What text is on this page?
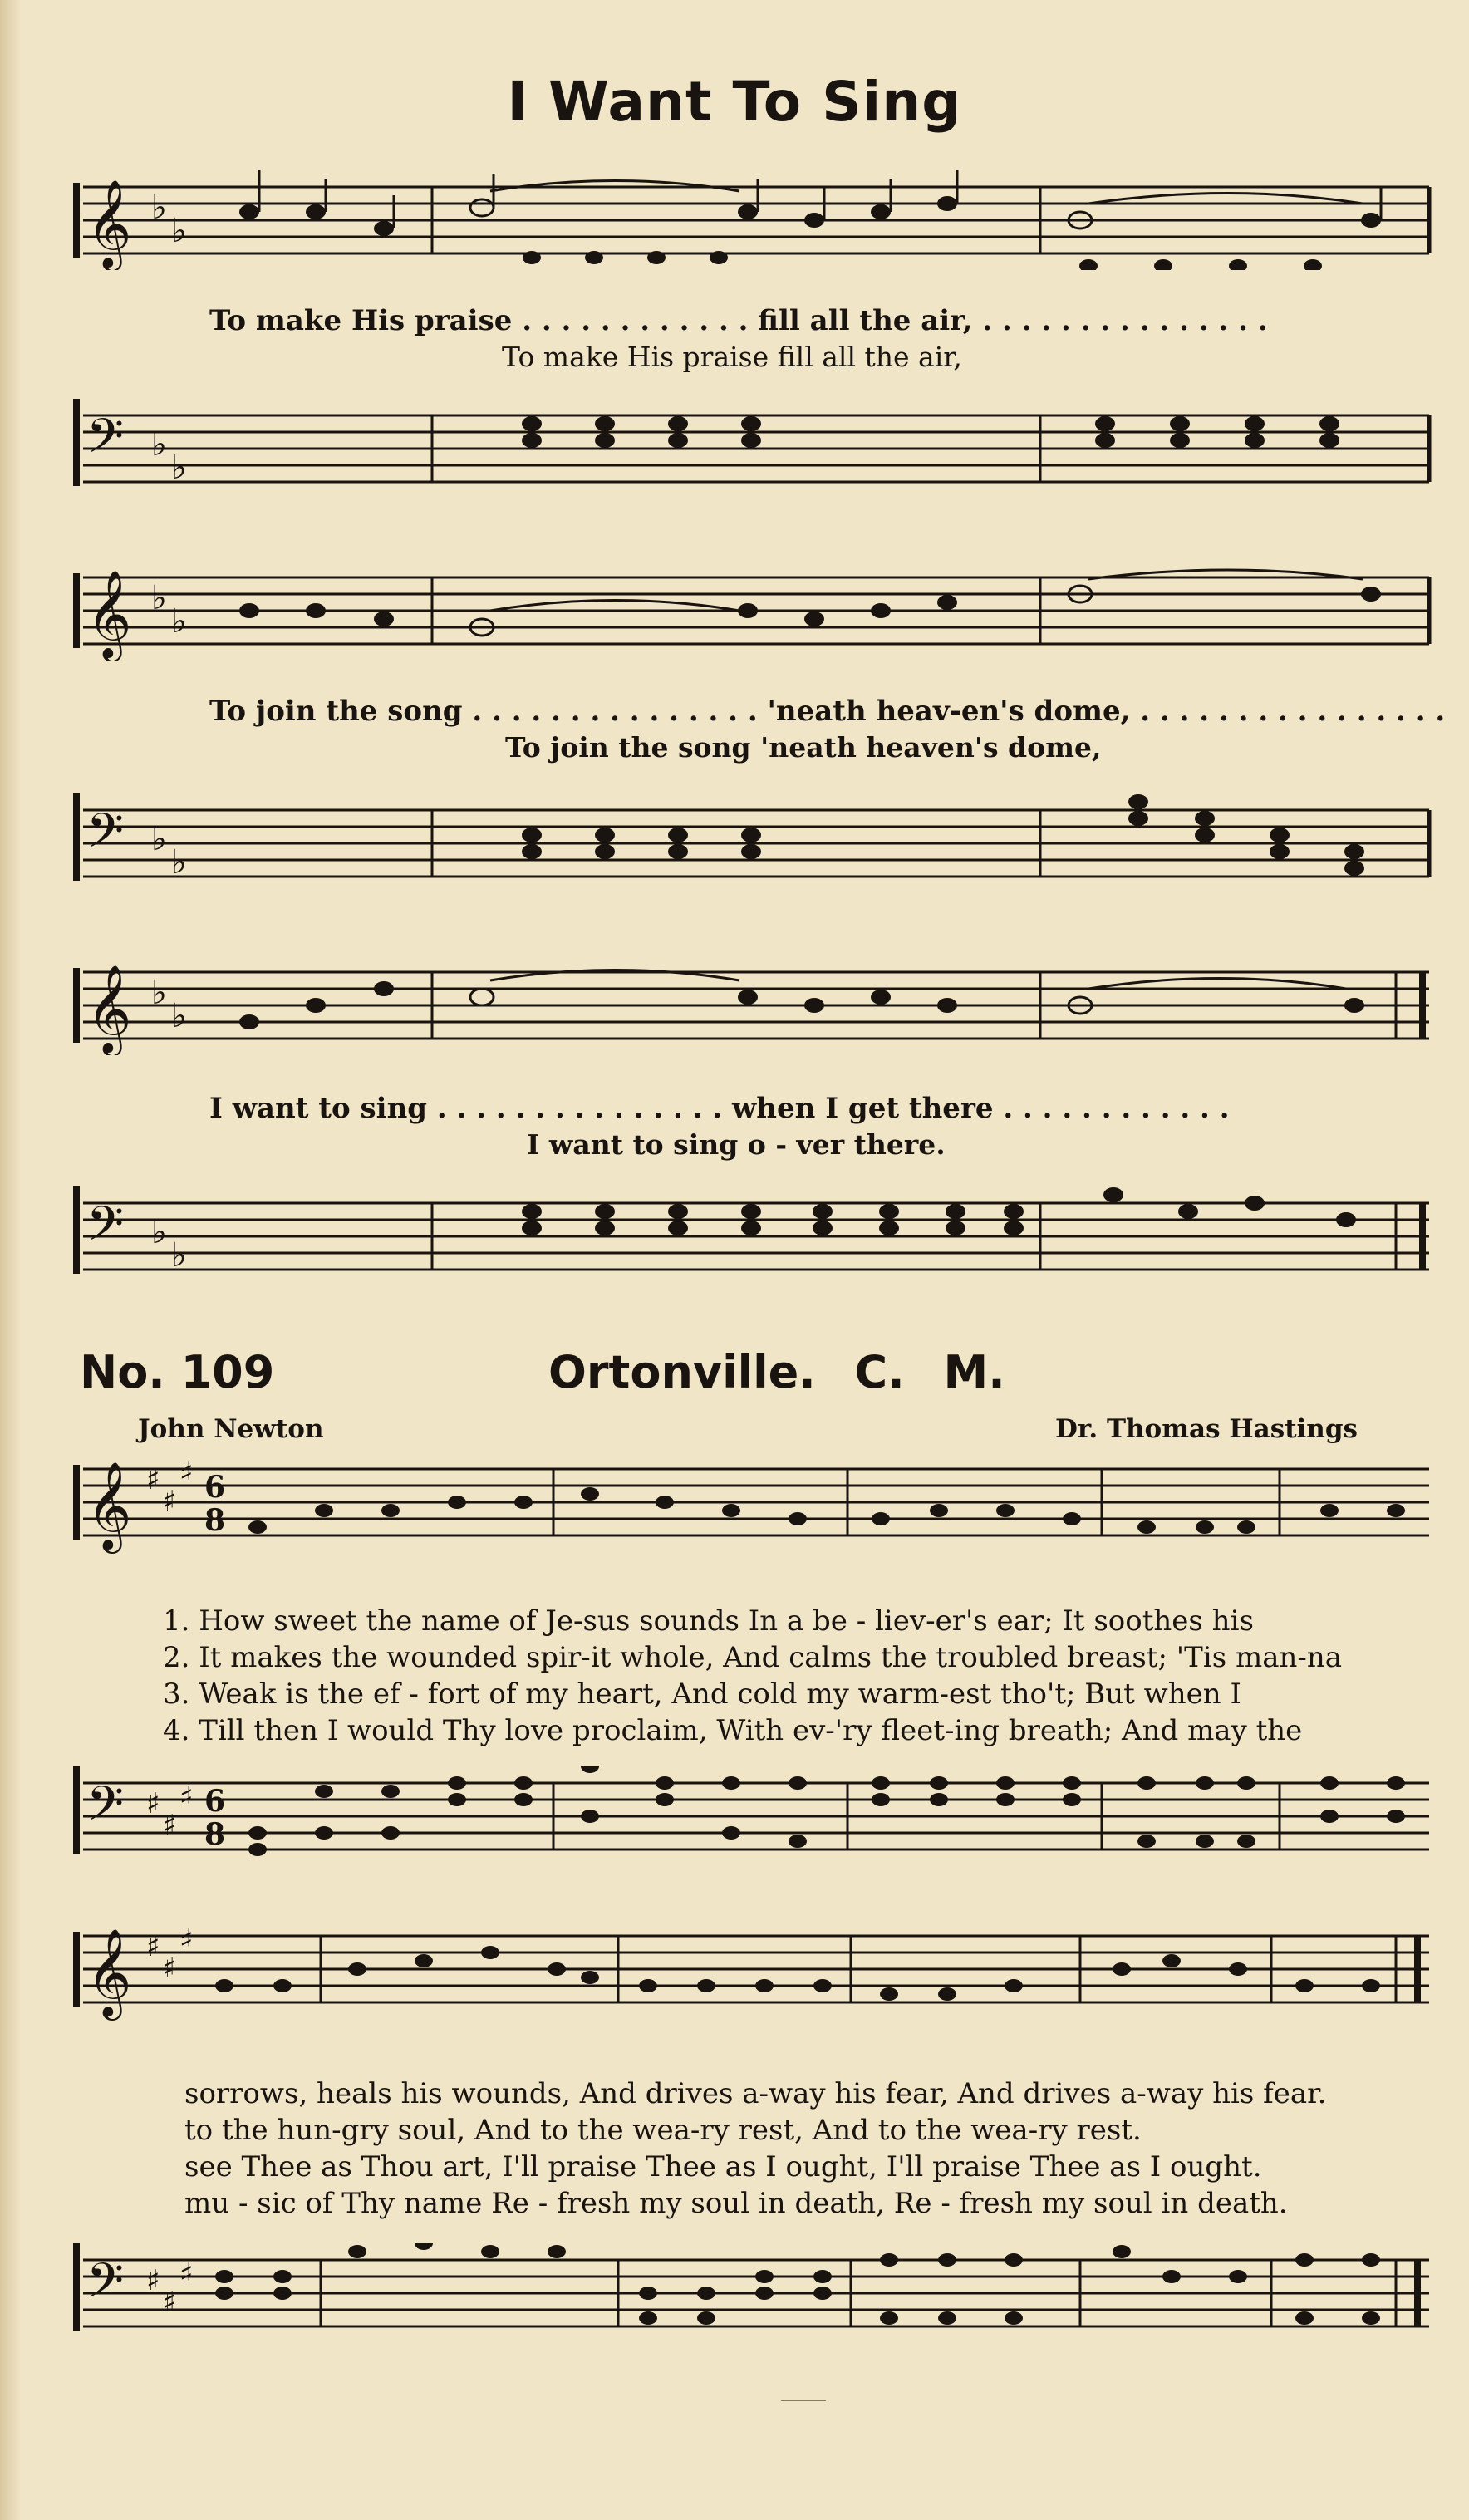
I Want To Sing
𝄞 ♭
♭
To make His praise . . . . . . . . . . . . fill all the air, . . . . . . . . . . . . . . .
To make His praise fill all the air,
𝄢 ♭
♭
𝄞 ♭
♭
To join the song . . . . . . . . . . . . . . . 'neath heav-en's dome, . . . . . . . . . . . . . . . .
To join the song 'neath heaven's dome,
𝄢 ♭
♭
𝄞 ♭
♭
I want to sing . . . . . . . . . . . . . . . when I get there . . . . . . . . . . . .
I want to sing o - ver there.
𝄢 ♭
♭
No. 109	Ortonville. C. M.
John Newton	Dr. Thomas Hastings
𝄞 ♯
♯
♯ 6
8
1. How sweet the name of Je-sus sounds In a be - liev-er's ear; It soothes his
2. It makes the wounded spir-it whole, And calms the troubled breast; 'Tis man-na
3. Weak is the ef - fort of my heart, And cold my warm-est tho't; But when I
4. Till then I would Thy love proclaim, With ev-'ry fleet-ing breath; And may the
𝄢 ♯
♯
♯ 6
8
𝄞 ♯
♯
♯
sorrows, heals his wounds, And drives a-way his fear, And drives a-way his fear.
to the hun-gry soul, And to the wea-ry rest, And to the wea-ry rest.
see Thee as Thou art, I'll praise Thee as I ought, I'll praise Thee as I ought.
mu - sic of Thy name Re - fresh my soul in death, Re - fresh my soul in death.
𝄢 ♯
♯
♯
